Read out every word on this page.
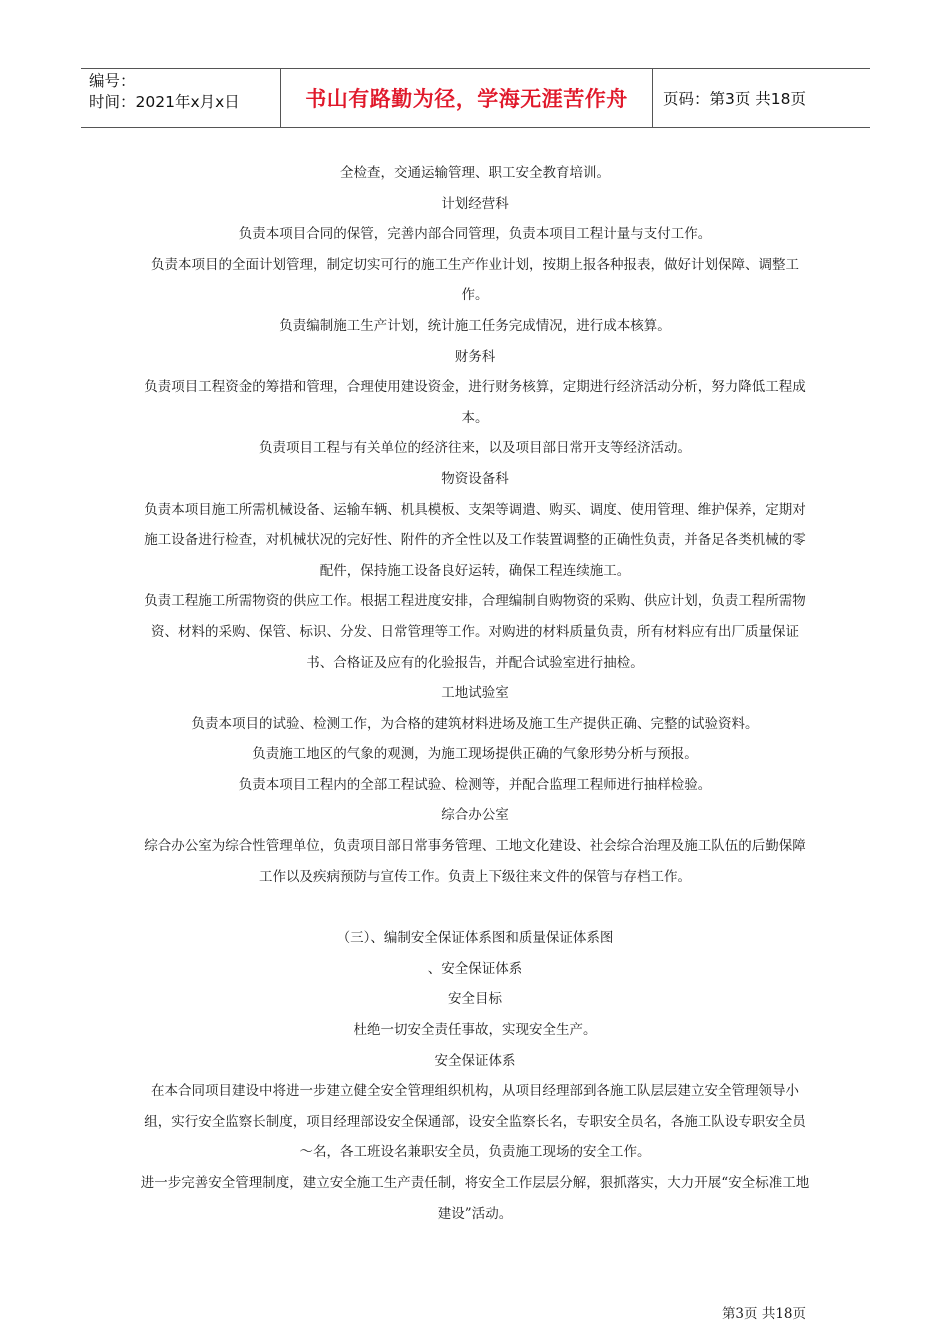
编号：
时间：2021年x月x日	书山有路勤为径，学海无涯苦作舟	页码：第3页 共18页

全检查，交通运输管理、职工安全教育培训。

计划经营科

负责本项目合同的保管，完善内部合同管理，负责本项目工程计量与支付工作。

负责本项目的全面计划管理，制定切实可行的施工生产作业计划，按期上报各种报表，做好计划保障、调整工作。

负责编制施工生产计划，统计施工任务完成情况，进行成本核算。

财务科

负责项目工程资金的筹措和管理，合理使用建设资金，进行财务核算，定期进行经济活动分析，努力降低工程成本。

负责项目工程与有关单位的经济往来，以及项目部日常开支等经济活动。

物资设备科

负责本项目施工所需机械设备、运输车辆、机具模板、支架等调遣、购买、调度、使用管理、维护保养，定期对施工设备进行检查，对机械状况的完好性、附件的齐全性以及工作装置调整的正确性负责，并备足各类机械的零配件，保持施工设备良好运转，确保工程连续施工。

负责工程施工所需物资的供应工作。根据工程进度安排，合理编制自购物资的采购、供应计划，负责工程所需物资、材料的采购、保管、标识、分发、日常管理等工作。对购进的材料质量负责，所有材料应有出厂质量保证书、合格证及应有的化验报告，并配合试验室进行抽检。

工地试验室

负责本项目的试验、检测工作，为合格的建筑材料进场及施工生产提供正确、完整的试验资料。

负责施工地区的气象的观测，为施工现场提供正确的气象形势分析与预报。

负责本项目工程内的全部工程试验、检测等，并配合监理工程师进行抽样检验。

综合办公室

综合办公室为综合性管理单位，负责项目部日常事务管理、工地文化建设、社会综合治理及施工队伍的后勤保障工作以及疾病预防与宣传工作。负责上下级往来文件的保管与存档工作。

（三）、编制安全保证体系图和质量保证体系图

、安全保证体系

安全目标

杜绝一切安全责任事故，实现安全生产。

安全保证体系

在本合同项目建设中将进一步建立健全安全管理组织机构，从项目经理部到各施工队层层建立安全管理领导小组，实行安全监察长制度，项目经理部设安全保通部，设安全监察长名，专职安全员名，各施工队设专职安全员～名，各工班设名兼职安全员，负责施工现场的安全工作。

进一步完善安全管理制度，建立安全施工生产责任制，将安全工作层层分解，狠抓落实，大力开展“安全标准工地建设”活动。

第3页 共18页
